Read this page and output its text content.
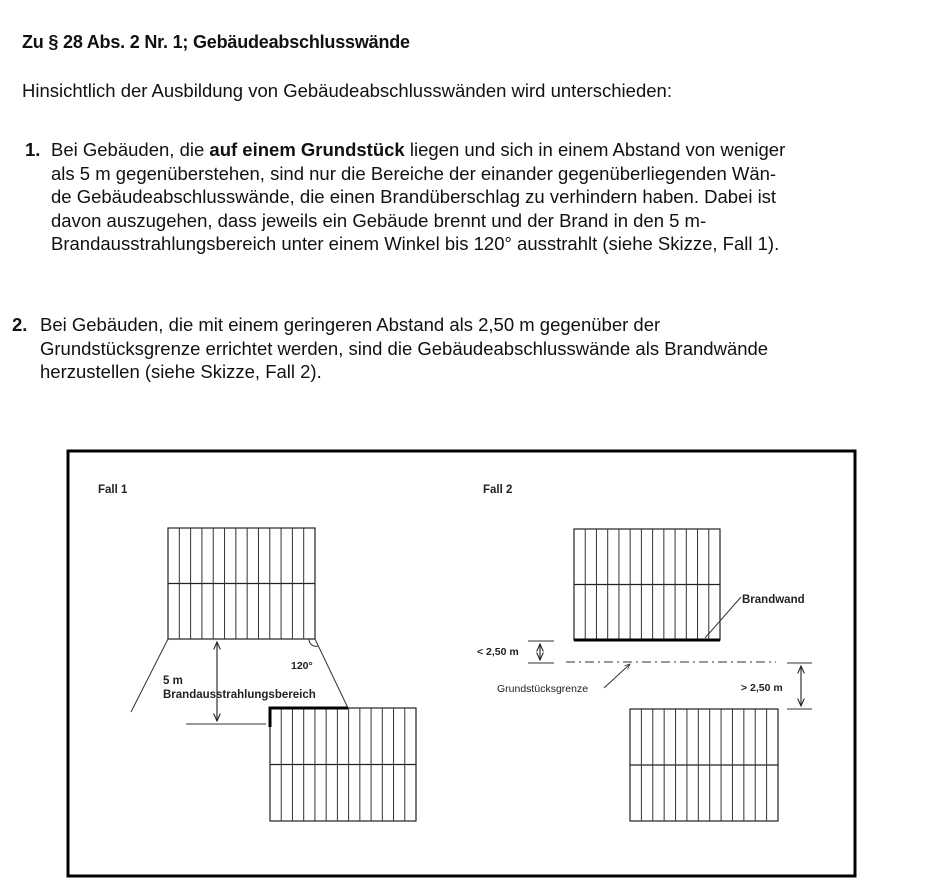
Zu § 28 Abs. 2 Nr. 1; Gebäudeabschlusswände
Hinsichtlich der Ausbildung von Gebäudeabschlusswänden wird unterschieden:
1. Bei Gebäuden, die auf einem Grundstück liegen und sich in einem Abstand von weniger
als 5 m gegenüberstehen, sind nur die Bereiche der einander gegenüberliegenden Wän-
de Gebäudeabschlusswände, die einen Brandüberschlag zu verhindern haben. Dabei ist
davon auszugehen, dass jeweils ein Gebäude brennt und der Brand in den 5 m-
Brandausstrahlungsbereich unter einem Winkel bis 120° ausstrahlt (siehe Skizze, Fall 1).
2. Bei Gebäuden, die mit einem geringeren Abstand als 2,50 m gegenüber der
Grundstücksgrenze errichtet werden, sind die Gebäudeabschlusswände als Brandwände
herzustellen (siehe Skizze, Fall 2).
Fall 1
5 m
Brandausstrahlungsbereich
120°
Fall 2
Brandwand
Grundstücksgrenze
< 2,50 m
> 2,50 m
